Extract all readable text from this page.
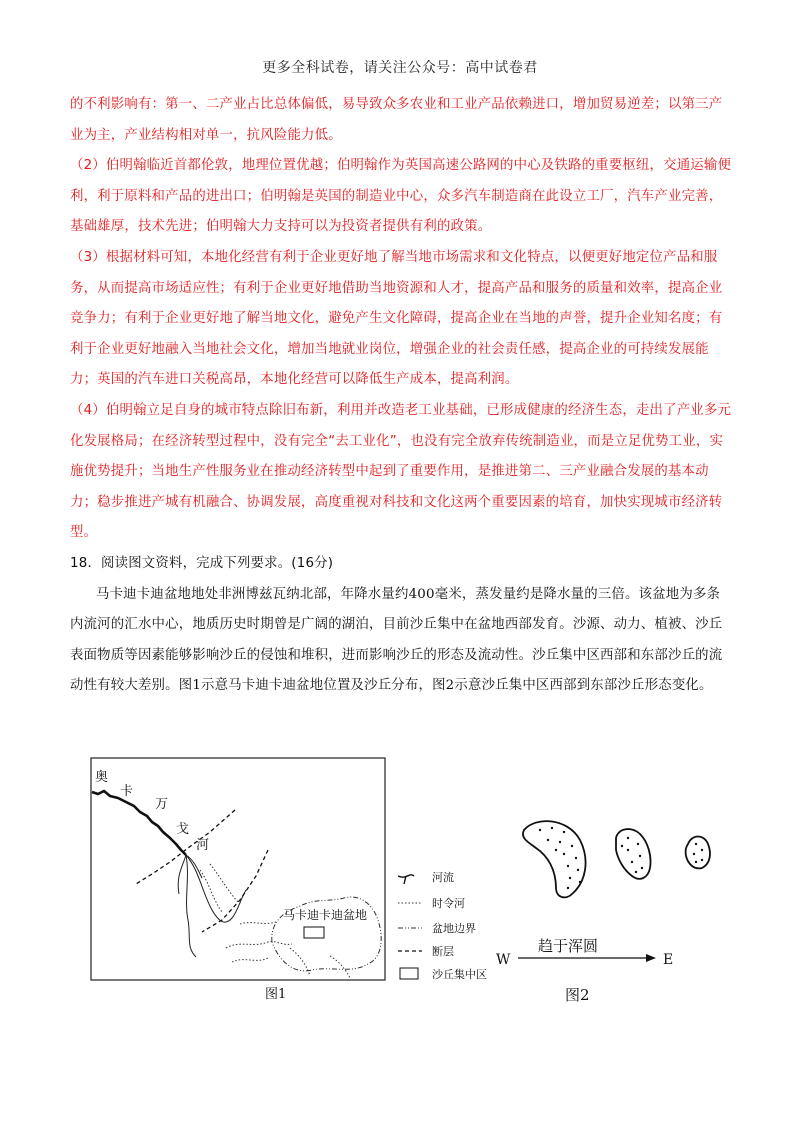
更多全科试卷，请关注公众号：高中试卷君

的不利影响有：第一、二产业占比总体偏低，易导致众多农业和工业产品依赖进口，增加贸易逆差；以第三产业为主，产业结构相对单一，抗风险能力低。

（2）伯明翰临近首都伦敦，地理位置优越；伯明翰作为英国高速公路网的中心及铁路的重要枢纽，交通运输便利，利于原料和产品的进出口；伯明翰是英国的制造业中心，众多汽车制造商在此设立工厂，汽车产业完善，基础雄厚，技术先进；伯明翰大力支持可以为投资者提供有利的政策。

（3）根据材料可知，本地化经营有利于企业更好地了解当地市场需求和文化特点，以便更好地定位产品和服务，从而提高市场适应性；有利于企业更好地借助当地资源和人才，提高产品和服务的质量和效率，提高企业竞争力；有利于企业更好地了解当地文化，避免产生文化障碍，提高企业在当地的声誉，提升企业知名度；有利于企业更好地融入当地社会文化，增加当地就业岗位，增强企业的社会责任感，提高企业的可持续发展能力；英国的汽车进口关税高昂，本地化经营可以降低生产成本，提高利润。

（4）伯明翰立足自身的城市特点除旧布新，利用并改造老工业基础，已形成健康的经济生态，走出了产业多元化发展格局；在经济转型过程中，没有完全“去工业化”，也没有完全放弃传统制造业，而是立足优势工业，实施优势提升；当地生产性服务业在推动经济转型中起到了重要作用，是推进第二、三产业融合发展的基本动力；稳步推进产城有机融合、协调发展，高度重视对科技和文化这两个重要因素的培育，加快实现城市经济转型。

18．阅读图文资料，完成下列要求。(16分)

马卡迪卡迪盆地地处非洲博兹瓦纳北部，年降水量约400毫米，蒸发量约是降水量的三倍。该盆地为多条内流河的汇水中心，地质历史时期曾是广阔的湖泊，目前沙丘集中在盆地西部发育。沙源、动力、植被、沙丘表面物质等因素能够影响沙丘的侵蚀和堆积，进而影响沙丘的形态及流动性。沙丘集中区西部和东部沙丘的流动性有较大差别。图1示意马卡迪卡迪盆地位置及沙丘分布，图2示意沙丘集中区西部到东部沙丘形态变化。

奥
卡
万
戈
河
马卡迪卡迪盆地
图1
河流
时令河
盆地边界
断层
沙丘集中区
W	E
趋于浑圆
图2
